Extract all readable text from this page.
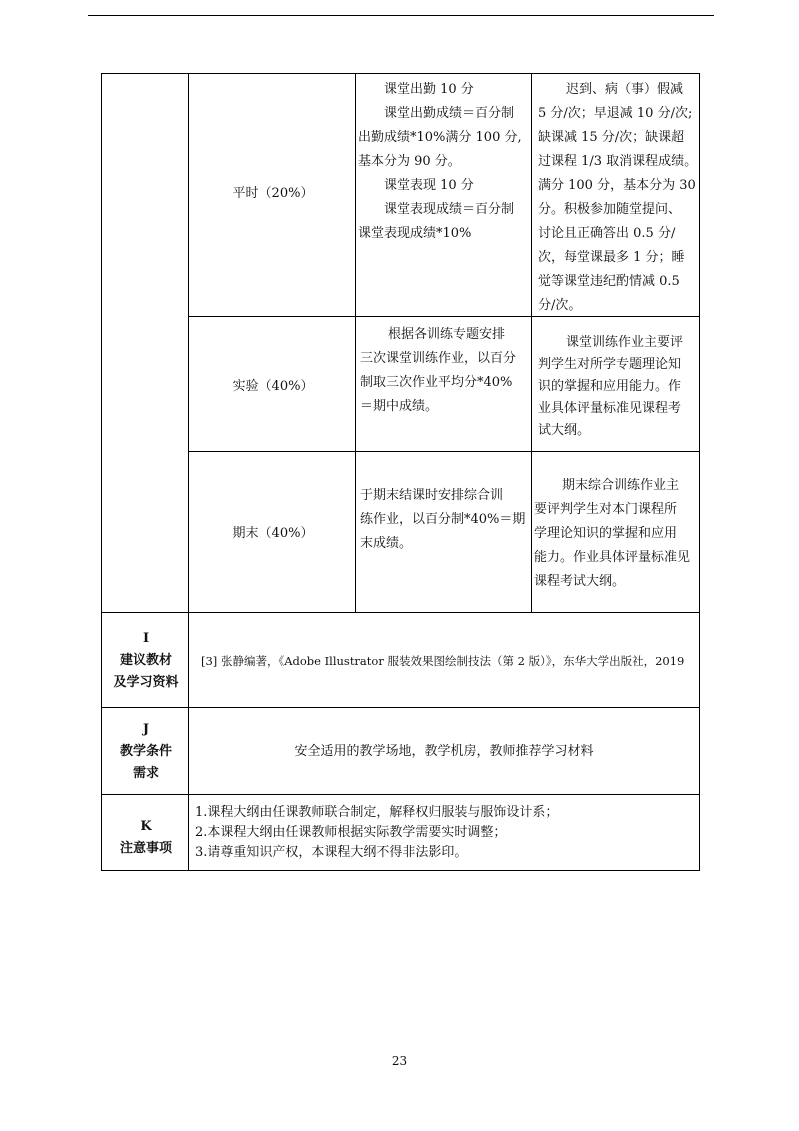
平时（20%）
课堂出勤 10 分
课堂出勤成绩＝百分制
出勤成绩*10%满分 100 分,
基本分为 90 分。
课堂表现 10 分
课堂表现成绩＝百分制
课堂表现成绩*10%
迟到、病（事）假减
5 分/次；早退减 10 分/次;
缺课减 15 分/次；缺课超
过课程 1/3 取消课程成绩。
满分 100 分，基本分为 30
分。积极参加随堂提问、
讨论且正确答出 0.5 分/
次，每堂课最多 1 分；睡
觉等课堂违纪酌情减 0.5
分/次。
实验（40%）
根据各训练专题安排
三次课堂训练作业，以百分
制取三次作业平均分*40%
＝期中成绩。
课堂训练作业主要评
判学生对所学专题理论知
识的掌握和应用能力。作
业具体评量标准见课程考
试大纲。
期末（40%）
于期末结课时安排综合训
练作业，以百分制*40%＝期
末成绩。
期末综合训练作业主
要评判学生对本门课程所
学理论知识的掌握和应用
能力。作业具体评量标准见
课程考试大纲。
I
建议教材
及学习资料
[3] 张静编著，《Adobe Illustrator 服装效果图绘制技法（第 2 版）》，东华大学出版社，2019
J
教学条件
需求
安全适用的教学场地，教学机房，教师推荐学习材料
K
注意事项
1.课程大纲由任课教师联合制定，解释权归服装与服饰设计系；
2.本课程大纲由任课教师根据实际教学需要实时调整；
3.请尊重知识产权，本课程大纲不得非法影印。
23
